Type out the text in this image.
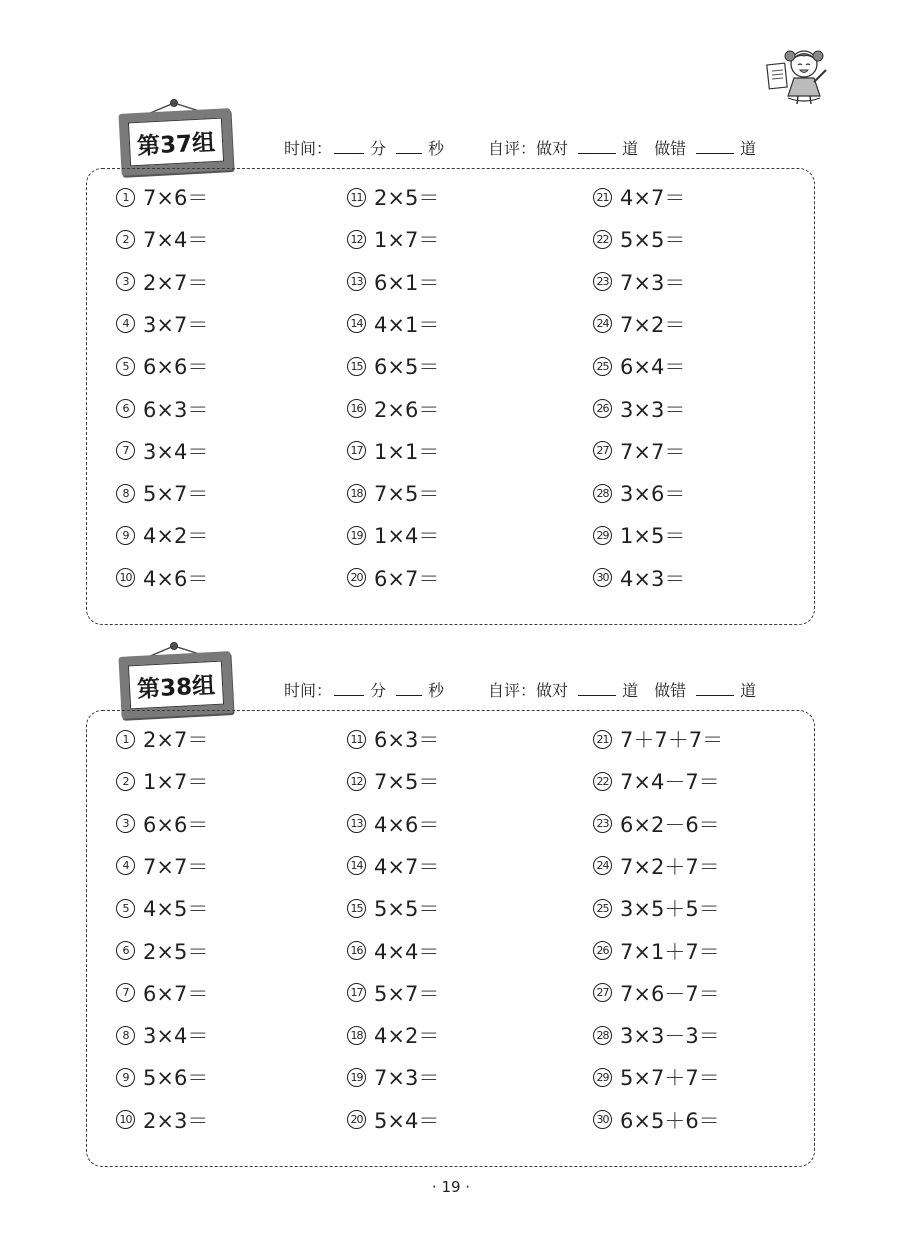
第37组	时间： 分	秒	自评：做对	道 做错	道
1 7×6＝
2 7×4＝
3 2×7＝
4 3×7＝
5 6×6＝
6 6×3＝
7 3×4＝
8 5×7＝
9 4×2＝
10 4×6＝
11 2×5＝
12 1×7＝
13 6×1＝
14 4×1＝
15 6×5＝
16 2×6＝
17 1×1＝
18 7×5＝
19 1×4＝
20 6×7＝
21 4×7＝
22 5×5＝
23 7×3＝
24 7×2＝
25 6×4＝
26 3×3＝
27 7×7＝
28 3×6＝
29 1×5＝
30 4×3＝
第38组	时间： 分	秒	自评：做对	道 做错	道
1 2×7＝
2 1×7＝
3 6×6＝
4 7×7＝
5 4×5＝
6 2×5＝
7 6×7＝
8 3×4＝
9 5×6＝
10 2×3＝
11 6×3＝
12 7×5＝
13 4×6＝
14 4×7＝
15 5×5＝
16 4×4＝
17 5×7＝
18 4×2＝
19 7×3＝
20 5×4＝
21 7＋7＋7＝
22 7×4－7＝
23 6×2－6＝
24 7×2＋7＝
25 3×5＋5＝
26 7×1＋7＝
27 7×6－7＝
28 3×3－3＝
29 5×7＋7＝
30 6×5＋6＝
· 19 ·
